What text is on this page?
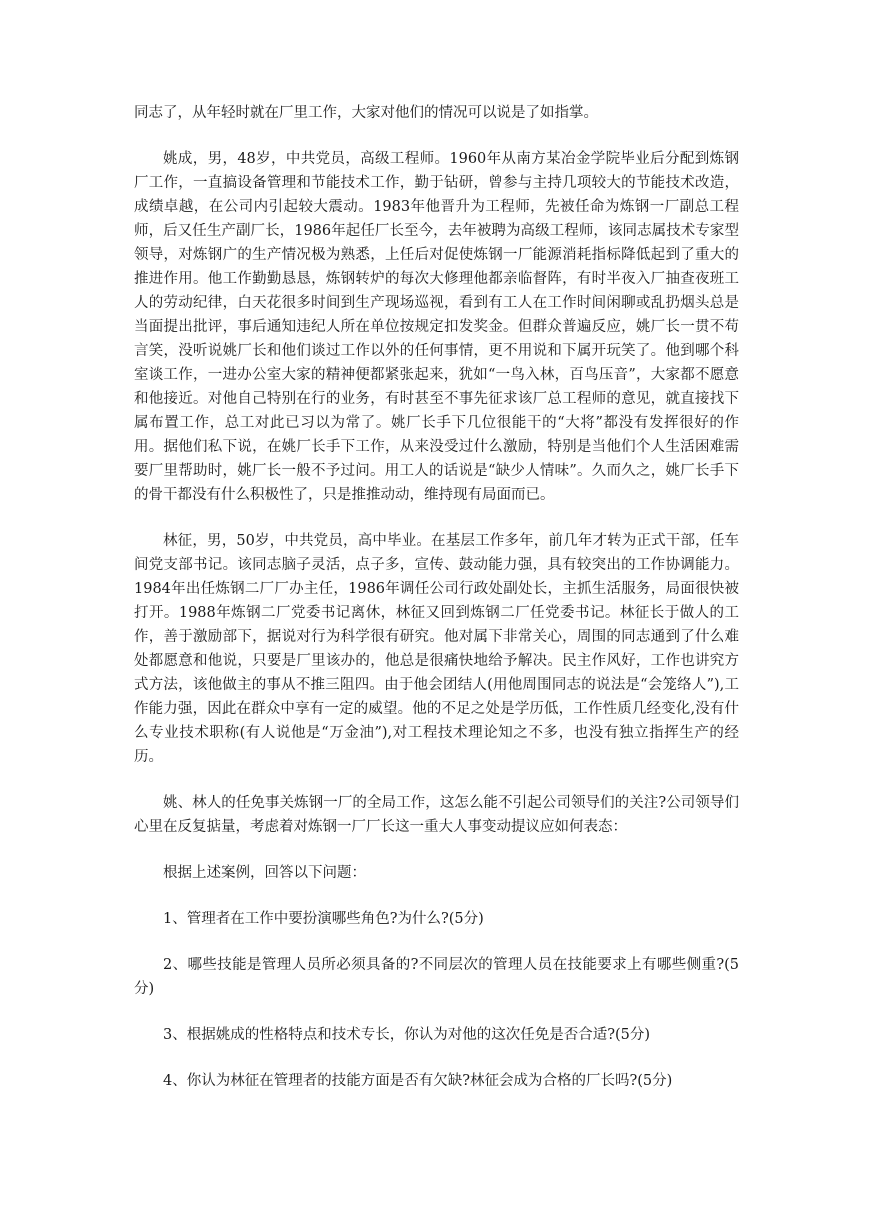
同志了，从年轻时就在厂里工作，大家对他们的情况可以说是了如指掌。

姚成，男，48岁，中共党员，高级工程师。1960年从南方某冶金学院毕业后分配到炼钢厂工作，一直搞设备管理和节能技术工作，勤于钻研，曾参与主持几项较大的节能技术改造，成绩卓越，在公司内引起较大震动。1983年他晋升为工程师，先被任命为炼钢一厂副总工程师，后又任生产副厂长，1986年起任厂长至今，去年被聘为高级工程师，该同志属技术专家型领导，对炼钢广的生产情况极为熟悉，上任后对促使炼钢一厂能源消耗指标降低起到了重大的推进作用。他工作勤勤恳恳，炼钢转炉的每次大修理他都亲临督阵，有时半夜入厂抽查夜班工人的劳动纪律，白天花很多时间到生产现场巡视，看到有工人在工作时间闲聊或乱扔烟头总是当面提出批评，事后通知违纪人所在单位按规定扣发奖金。但群众普遍反应，姚厂长一贯不苟言笑，没听说姚厂长和他们谈过工作以外的任何事情，更不用说和下属开玩笑了。他到哪个科室谈工作，一进办公室大家的精神便都紧张起来，犹如“一鸟入林，百鸟压音”，大家都不愿意和他接近。对他自己特别在行的业务，有时甚至不事先征求该厂总工程师的意见，就直接找下属布置工作，总工对此已习以为常了。姚厂长手下几位很能干的“大将”都没有发挥很好的作用。据他们私下说，在姚厂长手下工作，从来没受过什么激励，特别是当他们个人生活困难需要厂里帮助时，姚厂长一般不予过问。用工人的话说是“缺少人情味”。久而久之，姚厂长手下的骨干都没有什么积极性了，只是推推动动，维持现有局面而已。

林征，男，50岁，中共党员，高中毕业。在基层工作多年，前几年才转为正式干部，任车间党支部书记。该同志脑子灵活，点子多，宣传、鼓动能力强，具有较突出的工作协调能力。1984年出任炼钢二厂厂办主任，1986年调任公司行政处副处长，主抓生活服务，局面很快被打开。1988年炼钢二厂党委书记离休，林征又回到炼钢二厂任党委书记。林征长于做人的工作，善于激励部下，据说对行为科学很有研究。他对属下非常关心，周围的同志通到了什么难处都愿意和他说，只要是厂里该办的，他总是很痛快地给予解决。民主作风好，工作也讲究方式方法，该他做主的事从不推三阻四。由于他会团结人(用他周围同志的说法是“会笼络人”),工作能力强，因此在群众中享有一定的威望。他的不足之处是学历低，工作性质几经变化,没有什么专业技术职称(有人说他是“万金油”),对工程技术理论知之不多，也没有独立指挥生产的经历。

姚、林人的任免事关炼钢一厂的全局工作，这怎么能不引起公司领导们的关注?公司领导们心里在反复掂量，考虑着对炼钢一厂厂长这一重大人事变动提议应如何表态：

根据上述案例，回答以下问题：

1、管理者在工作中要扮演哪些角色?为什么?(5分)

2、哪些技能是管理人员所必须具备的?不同层次的管理人员在技能要求上有哪些侧重?(5分)

3、根据姚成的性格特点和技术专长，你认为对他的这次任免是否合适?(5分)

4、你认为林征在管理者的技能方面是否有欠缺?林征会成为合格的厂长吗?(5分)
